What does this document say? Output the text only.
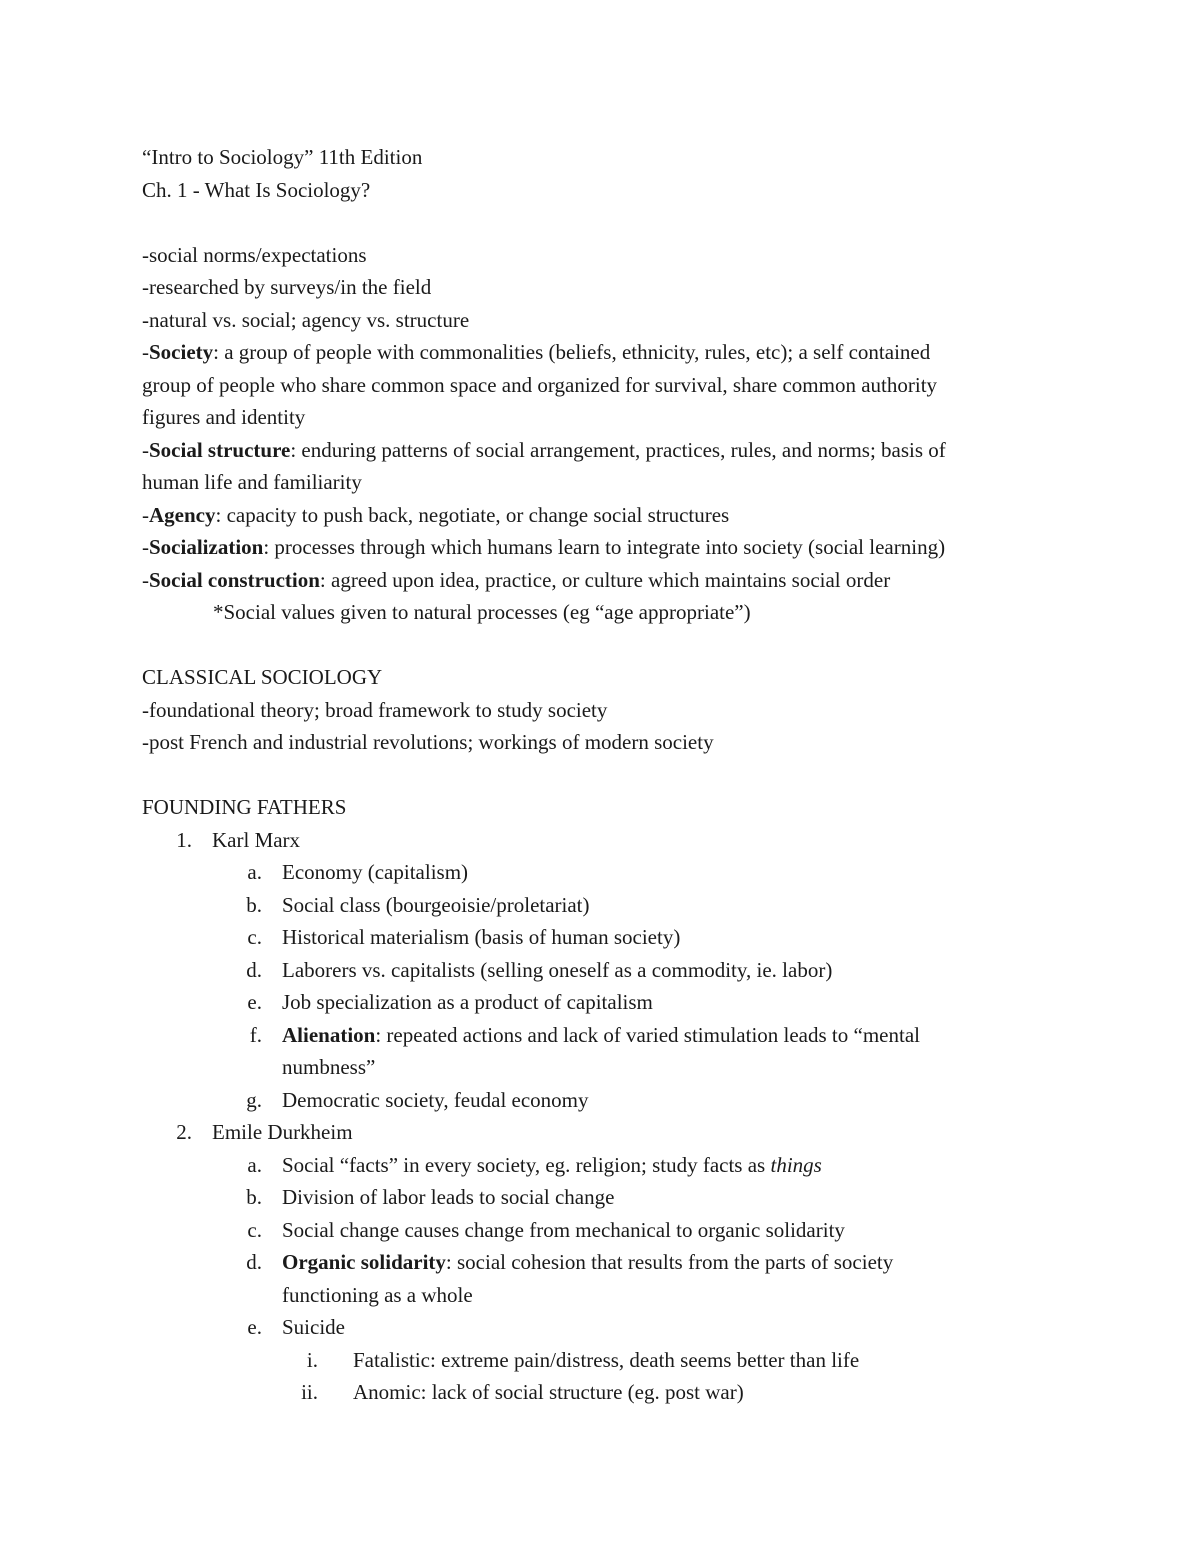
“Intro to Sociology” 11th Edition
Ch. 1 - What Is Sociology?
-social norms/expectations
-researched by surveys/in the field
-natural vs. social; agency vs. structure
-Society: a group of people with commonalities (beliefs, ethnicity, rules, etc); a self contained
group of people who share common space and organized for survival, share common authority
figures and identity
-Social structure: enduring patterns of social arrangement, practices, rules, and norms; basis of
human life and familiarity
-Agency: capacity to push back, negotiate, or change social structures
-Socialization: processes through which humans learn to integrate into society (social learning)
-Social construction: agreed upon idea, practice, or culture which maintains social order
*Social values given to natural processes (eg “age appropriate”)
CLASSICAL SOCIOLOGY
-foundational theory; broad framework to study society
-post French and industrial revolutions; workings of modern society
FOUNDING FATHERS
1. Karl Marx
a. Economy (capitalism)
b. Social class (bourgeoisie/proletariat)
c. Historical materialism (basis of human society)
d. Laborers vs. capitalists (selling oneself as a commodity, ie. labor)
e. Job specialization as a product of capitalism
f. Alienation: repeated actions and lack of varied stimulation leads to “mental
numbness”
g. Democratic society, feudal economy
2. Emile Durkheim
a. Social “facts” in every society, eg. religion; study facts as things
b. Division of labor leads to social change
c. Social change causes change from mechanical to organic solidarity
d. Organic solidarity: social cohesion that results from the parts of society
functioning as a whole
e. Suicide
i. Fatalistic: extreme pain/distress, death seems better than life
ii. Anomic: lack of social structure (eg. post war)
